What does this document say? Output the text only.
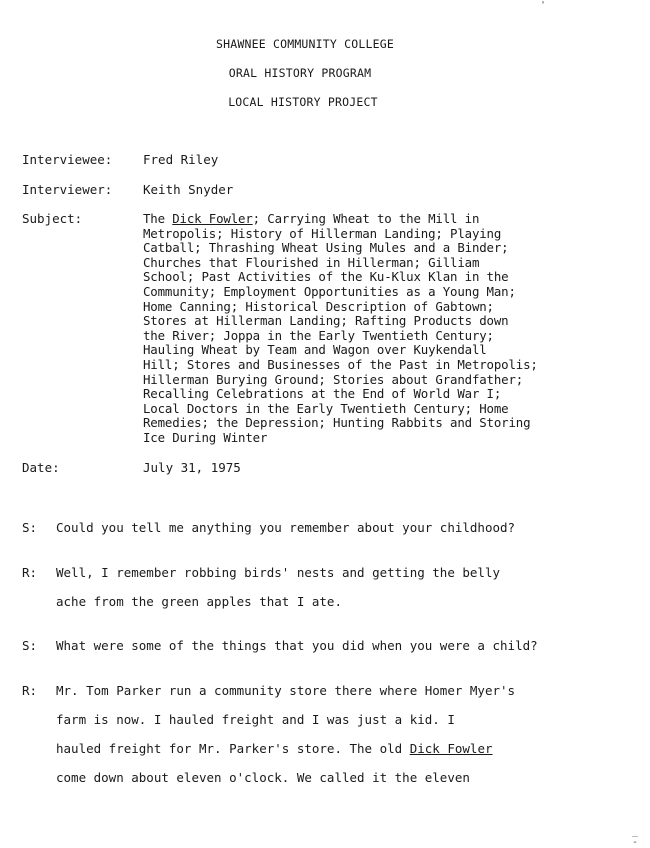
SHAWNEE COMMUNITY COLLEGE
ORAL HISTORY PROGRAM
LOCAL HISTORY PROJECT
Interviewee: Fred Riley
Interviewer: Keith Snyder
Subject:	The Dick Fowler; Carrying Wheat to the Mill in
Metropolis; History of Hillerman Landing; Playing
Catball; Thrashing Wheat Using Mules and a Binder;
Churches that Flourished in Hillerman; Gilliam
School; Past Activities of the Ku-Klux Klan in the
Community; Employment Opportunities as a Young Man;
Home Canning; Historical Description of Gabtown;
Stores at Hillerman Landing; Rafting Products down
the River; Joppa in the Early Twentieth Century;
Hauling Wheat by Team and Wagon over Kuykendall
Hill; Stores and Businesses of the Past in Metropolis;
Hillerman Burying Ground; Stories about Grandfather;
Recalling Celebrations at the End of World War I;
Local Doctors in the Early Twentieth Century; Home
Remedies; the Depression; Hunting Rabbits and Storing
Ice During Winter
Date:	July 31, 1975
S: Could you tell me anything you remember about your childhood?
R: Well, I remember robbing birds' nests and getting the belly
ache from the green apples that I ate.
S: What were some of the things that you did when you were a child?
R: Mr. Tom Parker run a community store there where Homer Myer's
farm is now. I hauled freight and I was just a kid. I
hauled freight for Mr. Parker's store. The old Dick Fowler
come down about eleven o'clock. We called it the eleven
'
_ -
